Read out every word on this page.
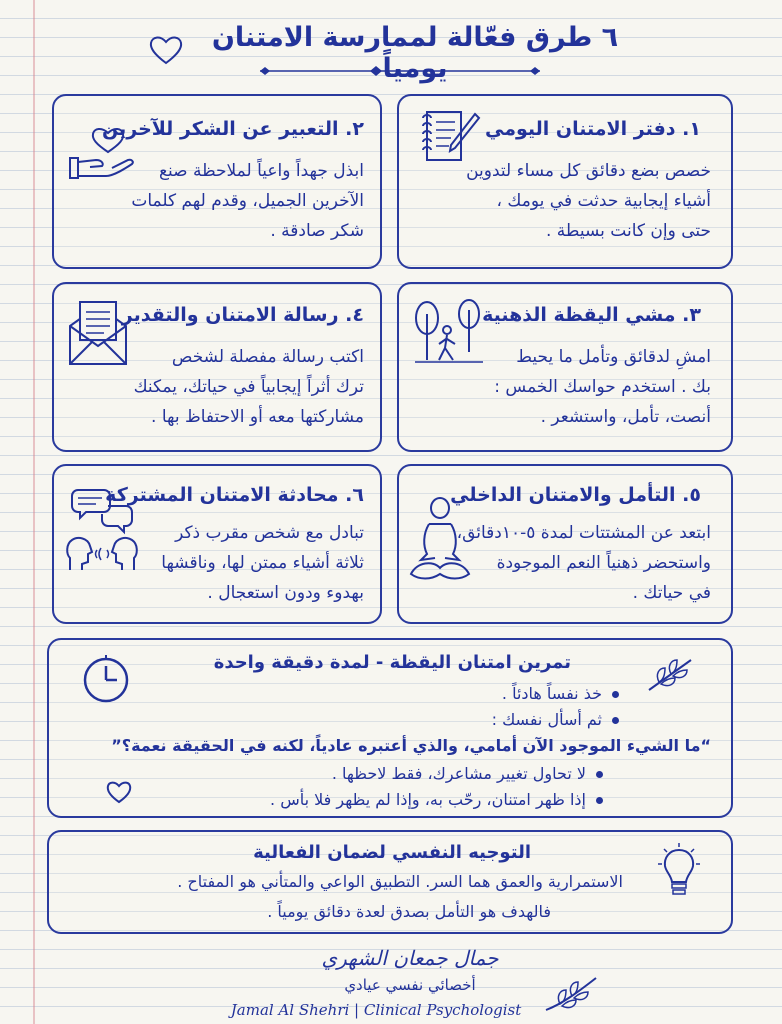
٦ طرق فعّالة لممارسة الامتنان يومياً
١. دفتر الامتنان اليومي
خصص بضع دقائق كل مساء لتدوين
أشياء إيجابية حدثت في يومك ،
حتى وإن كانت بسيطة .
٢. التعبير عن الشكر للآخرين
ابذل جهداً واعياً لملاحظة صنع
الآخرين الجميل، وقدم لهم كلمات
شكر صادقة .
٣. مشي اليقظة الذهنية
امشِ لدقائق وتأمل ما يحيط
بك . استخدم حواسك الخمس :
أنصت، تأمل، واستشعر .
٤. رسالة الامتنان والتقدير
اكتب رسالة مفصلة لشخص
ترك أثراً إيجابياً في حياتك، يمكنك
مشاركتها معه أو الاحتفاظ بها .
٥. التأمل والامتنان الداخلي
ابتعد عن المشتتات لمدة ٥-١٠دقائق،
واستحضر ذهنياً النعم الموجودة
في حياتك .
٦. محادثة الامتنان المشتركة
تبادل مع شخص مقرب ذكر
ثلاثة أشياء ممتن لها، وناقشها
بهدوء ودون استعجال .
تمرين امتنان اليقظة - لمدة دقيقة واحدة
خذ نفساً هادئاً .
ثم أسأل نفسك :
“ما الشيء الموجود الآن أمامي، والذي أعتبره عادياً، لكنه في الحقيقة نعمة؟”
لا تحاول تغيير مشاعرك، فقط لاحظها .
إذا ظهر امتنان، رحّب به، وإذا لم يظهر فلا بأس .
التوجيه النفسي لضمان الفعالية
الاستمرارية والعمق هما السر. التطبيق الواعي والمتأني هو المفتاح .
فالهدف هو التأمل بصدق لعدة دقائق يومياً .
جمال جمعان الشهري
أخصائي نفسي عيادي
Jamal Al Shehri | Clinical Psychologist
